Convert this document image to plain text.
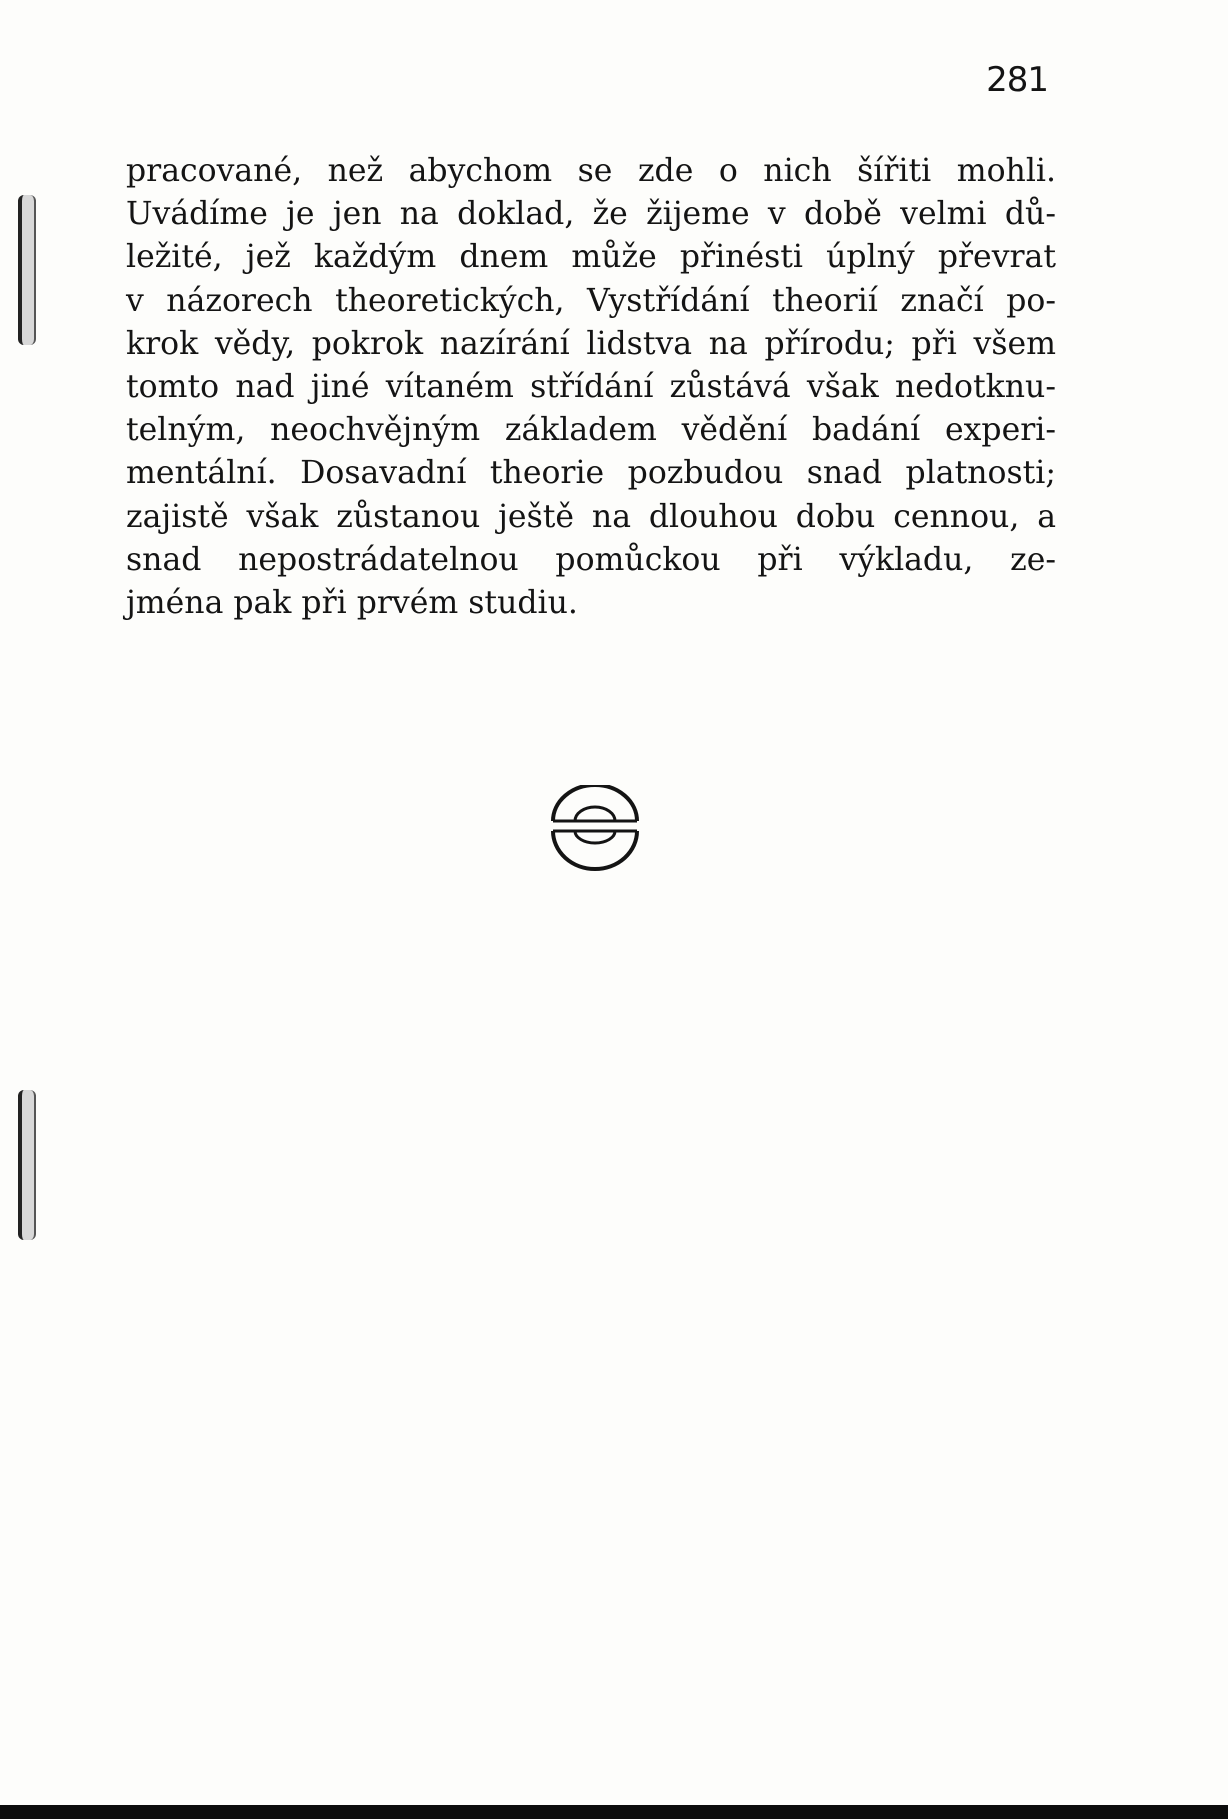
281
pracované, než abychom se zde o nich šířiti mohli.
Uvádíme je jen na doklad, že žijeme v době velmi dů-
ležité, jež každým dnem může přinésti úplný převrat
v názorech theoretických, Vystřídání theorií značí po-
krok vědy, pokrok nazírání lidstva na přírodu; při všem
tomto nad jiné vítaném střídání zůstává však nedotknu-
telným, neochvějným základem vědění badání experi-
mentální. Dosavadní theorie pozbudou snad platnosti;
zajistě však zůstanou ještě na dlouhou dobu cennou, a
snad nepostrádatelnou pomůckou při výkladu, ze-
jména pak při prvém studiu.
